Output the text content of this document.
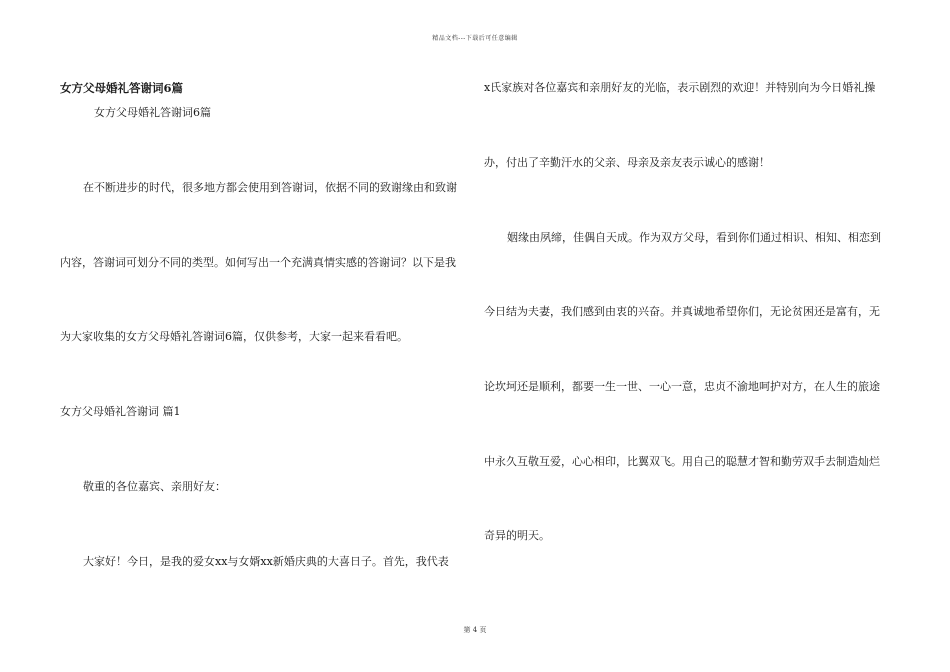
精品文档---下载后可任意编辑
女方父母婚礼答谢词6篇
女方父母婚礼答谢词6篇
在不断进步的时代，很多地方都会使用到答谢词，依据不同的致谢缘由和致谢
内容，答谢词可划分不同的类型。如何写出一个充满真情实感的答谢词？以下是我
为大家收集的女方父母婚礼答谢词6篇，仅供参考，大家一起来看看吧。
女方父母婚礼答谢词 篇1
敬重的各位嘉宾、亲朋好友：
大家好！今日，是我的爱女xx与女婿xx新婚庆典的大喜日子。首先，我代表
x氏家族对各位嘉宾和亲朋好友的光临，表示剧烈的欢迎！并特别向为今日婚礼操
办，付出了辛勤汗水的父亲、母亲及亲友表示诚心的感谢！
姻缘由夙缔，佳偶自天成。作为双方父母，看到你们通过相识、相知、相恋到
今日结为夫妻，我们感到由衷的兴奋。并真诚地希望你们，无论贫困还是富有，无
论坎坷还是顺利，都要一生一世、一心一意，忠贞不渝地呵护对方，在人生的旅途
中永久互敬互爱，心心相印，比翼双飞。用自己的聪慧才智和勤劳双手去制造灿烂
奇异的明天。
第 4 页
